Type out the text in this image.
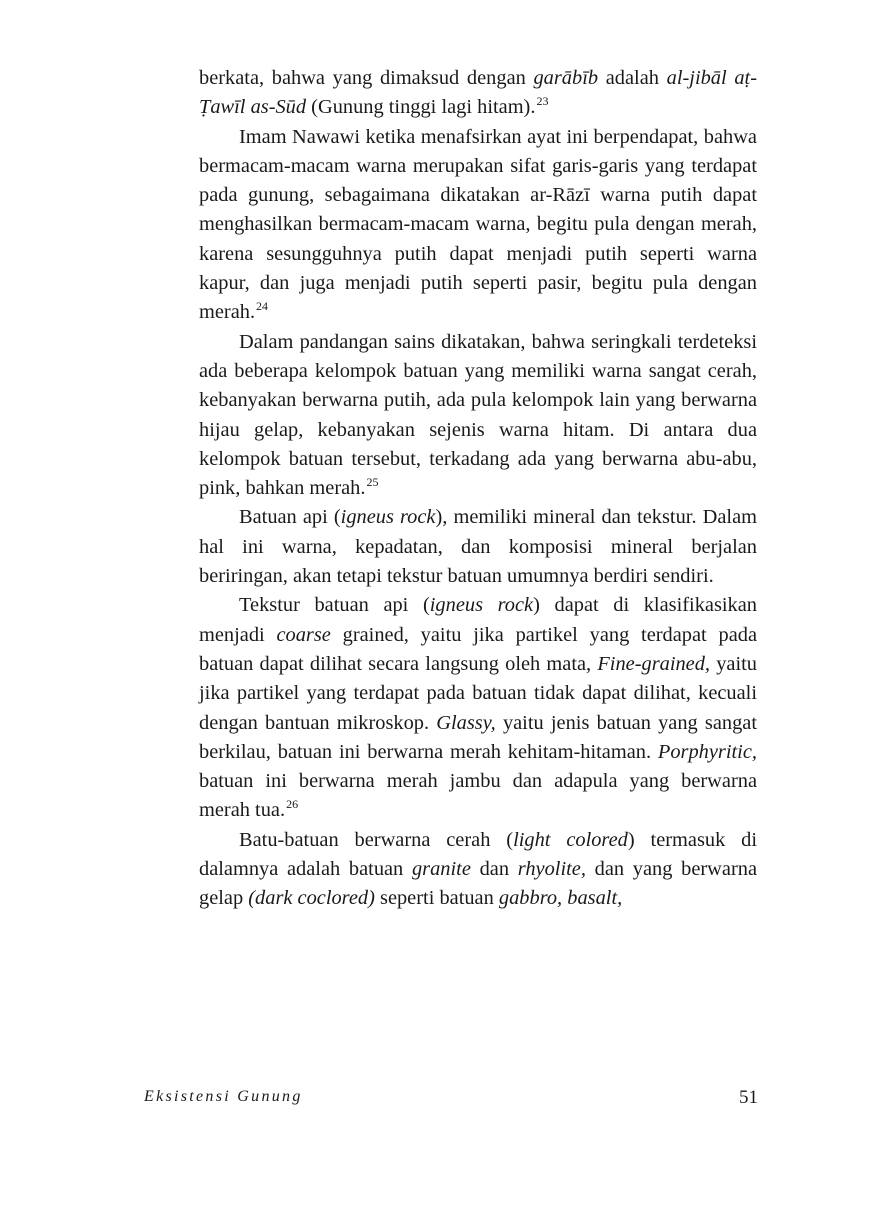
berkata, bahwa yang dimaksud dengan garābīb adalah al-jibāl aṭ-Ṭawīl as-Sūd (Gunung tinggi lagi hitam).$^{23}$

Imam Nawawi ketika menafsirkan ayat ini berpendapat, bahwa bermacam-macam warna merupakan sifat garis-garis yang terdapat pada gunung, sebagaimana dikatakan ar-Rāzī warna putih dapat menghasilkan bermacam-macam warna, begitu pula dengan merah, karena sesungguhnya putih dapat menjadi putih seperti warna kapur, dan juga menjadi putih seperti pasir, begitu pula dengan merah.$^{24}$

Dalam pandangan sains dikatakan, bahwa seringkali terdeteksi ada beberapa kelompok batuan yang memiliki warna sangat cerah, kebanyakan berwarna putih, ada pula kelompok lain yang berwarna hijau gelap, kebanyakan sejenis warna hitam. Di antara dua kelompok batuan tersebut, terkadang ada yang berwarna abu-abu, pink, bahkan merah.$^{25}$

Batuan api (igneus rock), memiliki mineral dan tekstur. Dalam hal ini warna, kepadatan, dan komposisi mineral berjalan beriringan, akan tetapi tekstur batuan umumnya berdiri sendiri.

Tekstur batuan api (igneus rock) dapat di klasifikasikan menjadi coarse grained, yaitu jika partikel yang terdapat pada batuan dapat dilihat secara langsung oleh mata, Fine-grained, yaitu jika partikel yang terdapat pada batuan tidak dapat dilihat, kecuali dengan bantuan mikroskop. Glassy, yaitu jenis batuan yang sangat berkilau, batuan ini berwarna merah kehitam-hitaman. Porphyritic, batuan ini berwarna merah jambu dan adapula yang berwarna merah tua.$^{26}$

Batu-batuan berwarna cerah (light colored) termasuk di dalamnya adalah batuan granite dan rhyolite, dan yang berwarna gelap (dark coclored) seperti batuan gabbro, basalt,

Eksistensi Gunung	51
